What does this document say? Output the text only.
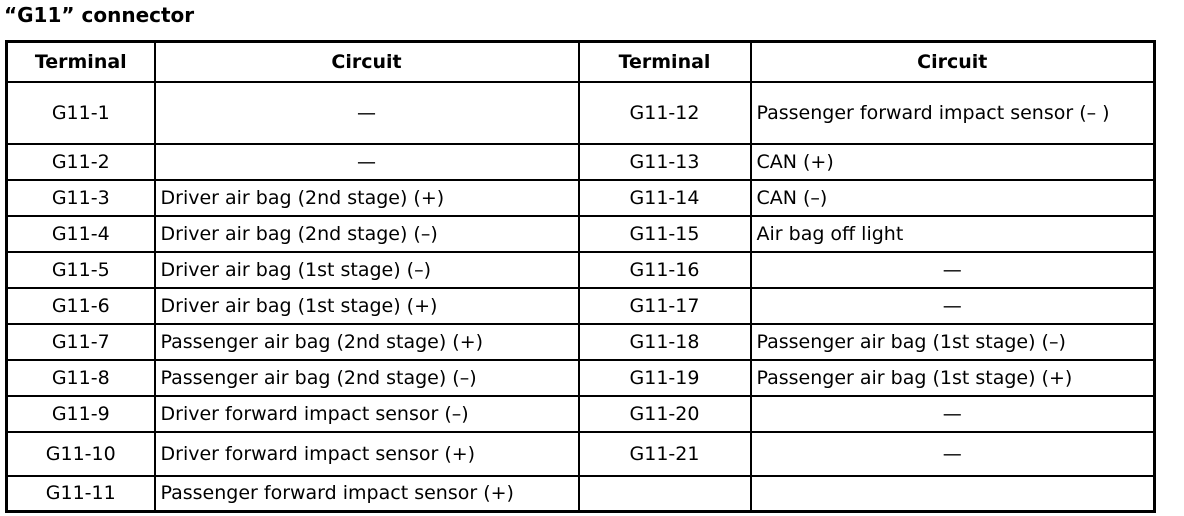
“G11” connector
Terminal	Circuit	Terminal	Circuit
G11-1	—	G11-12	Passenger forward impact sensor (– )
G11-2	—	G11-13	CAN (+)
G11-3	Driver air bag (2nd stage) (+)	G11-14	CAN (–)
G11-4	Driver air bag (2nd stage) (–)	G11-15	Air bag off light
G11-5	Driver air bag (1st stage) (–)	G11-16	—
G11-6	Driver air bag (1st stage) (+)	G11-17	—
G11-7	Passenger air bag (2nd stage) (+)	G11-18	Passenger air bag (1st stage) (–)
G11-8	Passenger air bag (2nd stage) (–)	G11-19	Passenger air bag (1st stage) (+)
G11-9	Driver forward impact sensor (–)	G11-20	—
G11-10	Driver forward impact sensor (+)	G11-21	—
G11-11	Passenger forward impact sensor (+)		
